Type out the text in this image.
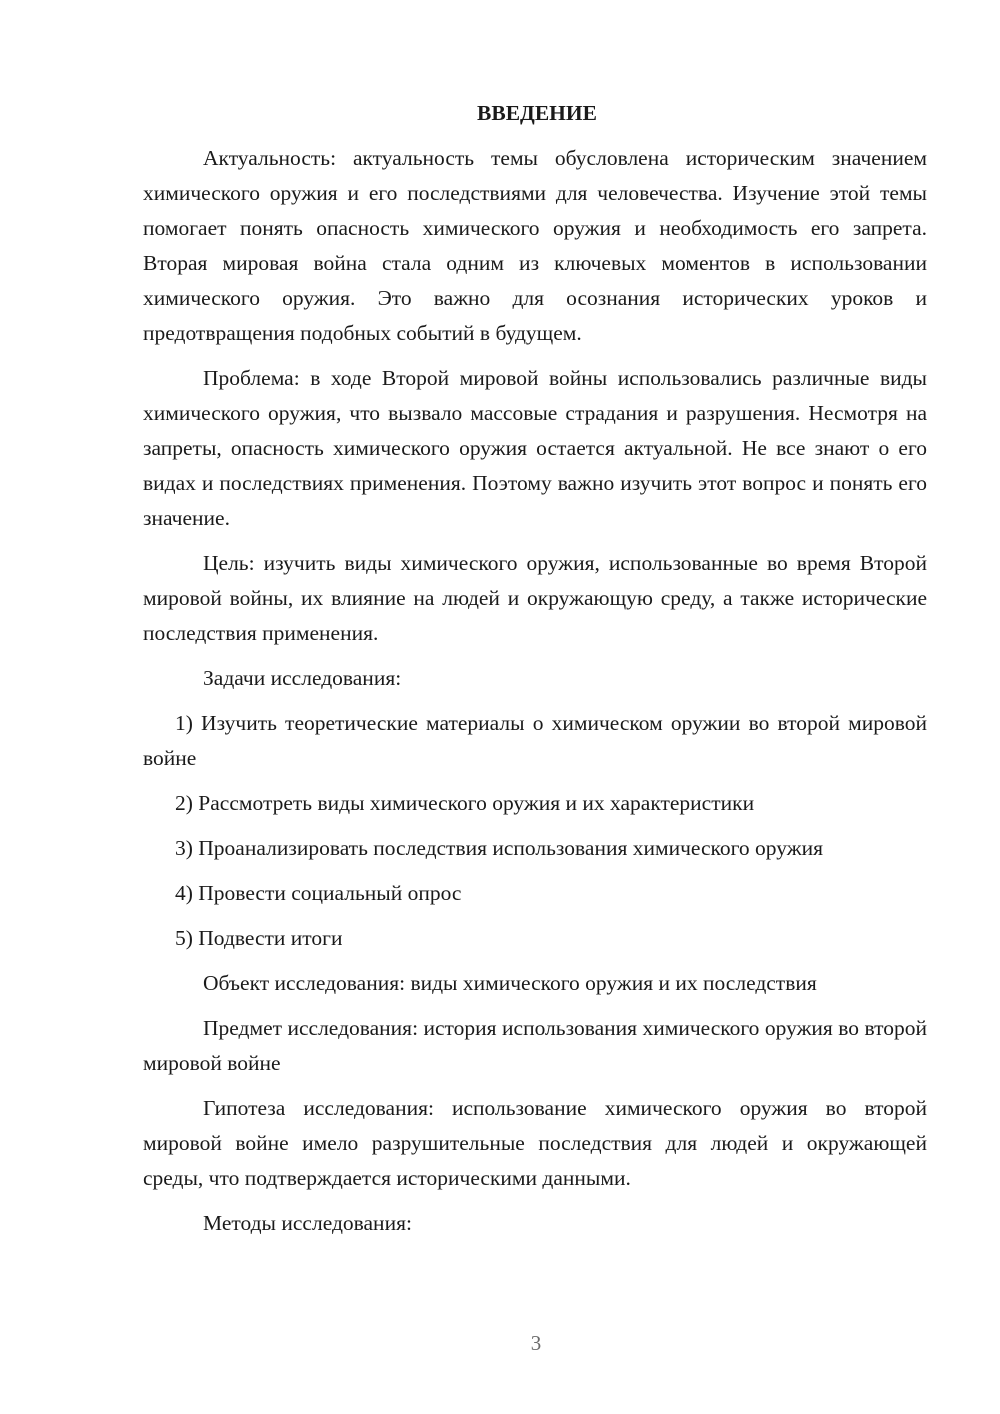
ВВЕДЕНИЕ

Актуальность: актуальность темы обусловлена историческим значением химического оружия и его последствиями для человечества. Изучение этой темы помогает понять опасность химического оружия и необходимость его запрета. Вторая мировая война стала одним из ключевых моментов в использовании химического оружия. Это важно для осознания исторических уроков и предотвращения подобных событий в будущем.

Проблема: в ходе Второй мировой войны использовались различные виды химического оружия, что вызвало массовые страдания и разрушения. Несмотря на запреты, опасность химического оружия остается актуальной. Не все знают о его видах и последствиях применения. Поэтому важно изучить этот вопрос и понять его значение.

Цель: изучить виды химического оружия, использованные во время Второй мировой войны, их влияние на людей и окружающую среду, а также исторические последствия применения.

Задачи исследования:

1) Изучить теоретические материалы о химическом оружии во второй мировой войне

2) Рассмотреть виды химического оружия и их характеристики

3) Проанализировать последствия использования химического оружия

4) Провести социальный опрос

5) Подвести итоги

Объект исследования: виды химического оружия и их последствия

Предмет исследования: история использования химического оружия во второй мировой войне

Гипотеза исследования: использование химического оружия во второй мировой войне имело разрушительные последствия для людей и окружающей среды, что подтверждается историческими данными.

Методы исследования:

3
